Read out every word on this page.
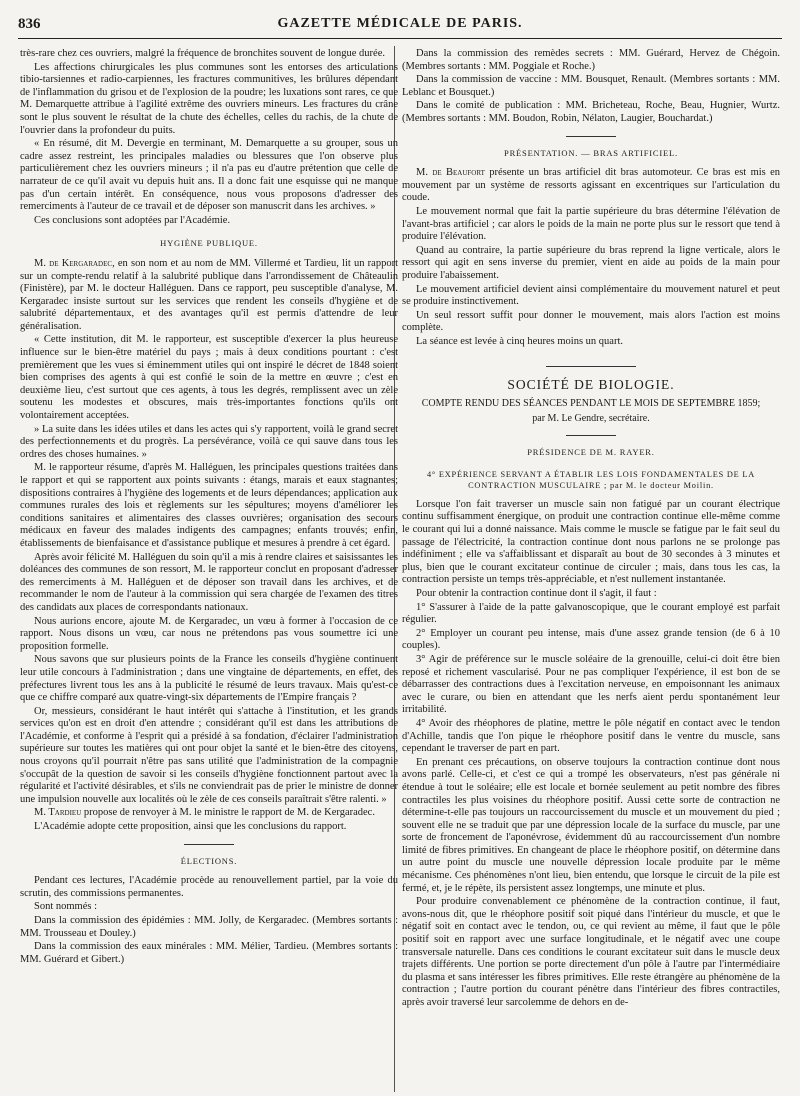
836	GAZETTE MÉDICALE DE PARIS.

très-rare chez ces ouvriers, malgré la fréquence de bronchites souvent de longue durée.

Les affections chirurgicales les plus communes sont les entorses des articulations tibio-tarsiennes et radio-carpiennes, les fractures communitives, les brûlures dépendant de l'inflammation du grisou et de l'explosion de la poudre; les luxations sont rares, ce que M. Demarquette attribue à l'agilité extrême des ouvriers mineurs. Les fractures du crâne sont le plus souvent le résultat de la chute des échelles, celles du rachis, de la chute de l'ouvrier dans la profondeur du puits.

« En résumé, dit M. Devergie en terminant, M. Demarquette a su grouper, sous un cadre assez restreint, les principales maladies ou blessures que l'on observe plus particulièrement chez les ouvriers mineurs ; il n'a pas eu d'autre prétention que celle de narrateur de ce qu'il avait vu depuis huit ans. Il a donc fait une esquisse qui ne manque pas d'un certain intérêt. En conséquence, nous vous proposons d'adresser des remerciments à l'auteur de ce travail et de déposer son manuscrit dans les archives. »

Ces conclusions sont adoptées par l'Académie.

HYGIÈNE PUBLIQUE.

M. de Kergaradec, en son nom et au nom de MM. Villermé et Tardieu, lit un rapport sur un compte-rendu relatif à la salubrité publique dans l'arrondissement de Châteaulin (Finistère), par M. le docteur Halléguen. Dans ce rapport, peu susceptible d'analyse, M. Kergaradec insiste surtout sur les services que rendent les conseils d'hygiène et de salubrité départementaux, et des avantages qu'il est permis d'attendre de leur généralisation.

« Cette institution, dit M. le rapporteur, est susceptible d'exercer la plus heureuse influence sur le bien-être matériel du pays ; mais à deux conditions pourtant : c'est premièrement que les vues si éminemment utiles qui ont inspiré le décret de 1848 soient bien comprises des agents à qui est confié le soin de la mettre en œuvre ; c'est en deuxième lieu, c'est surtout que ces agents, à tous les degrés, remplissent avec un zèle soutenu les modestes et obscures, mais très-importantes fonctions qu'ils ont volontairement acceptées.

» La suite dans les idées utiles et dans les actes qui s'y rapportent, voilà le grand secret des perfectionnements et du progrès. La persévérance, voilà ce qui sauve dans tous les ordres des choses humaines. »

M. le rapporteur résume, d'après M. Halléguen, les principales questions traitées dans le rapport et qui se rapportent aux points suivants : étangs, marais et eaux stagnantes; dispositions contraires à l'hygiène des logements et de leurs dépendances; application aux communes rurales des lois et règlements sur les sépultures; moyens d'améliorer les conditions sanitaires et alimentaires des classes ouvrières; organisation des secours médicaux en faveur des malades indigents des campagnes; enfants trouvés; enfin, établissements de bienfaisance et d'assistance publique et mesures à prendre à cet égard.

Après avoir félicité M. Halléguen du soin qu'il a mis à rendre claires et saisissantes les doléances des communes de son ressort, M. le rapporteur conclut en proposant d'adresser des remerciments à M. Halléguen et de déposer son travail dans les archives, et de recommander le nom de l'auteur à la commission qui sera chargée de l'examen des titres des candidats aux places de correspondants nationaux.

Nous aurions encore, ajoute M. de Kergaradec, un vœu à former à l'occasion de ce rapport. Nous disons un vœu, car nous ne prétendons pas vous soumettre ici une proposition formelle.

Nous savons que sur plusieurs points de la France les conseils d'hygiène continuent leur utile concours à l'administration ; dans une vingtaine de départements, en effet, des préfectures livrent tous les ans à la publicité le résumé de leurs travaux. Mais qu'est-ce que ce chiffre comparé aux quatre-vingt-six départements de l'Empire français ?

Or, messieurs, considérant le haut intérêt qui s'attache à l'institution, et les grands services qu'on est en droit d'en attendre ; considérant qu'il est dans les attributions de l'Académie, et conforme à l'esprit qui a présidé à sa fondation, d'éclairer l'administration supérieure sur toutes les matières qui ont pour objet la santé et le bien-être des citoyens, nous croyons qu'il pourrait n'être pas sans utilité que l'administration de la compagnie s'occupât de la question de savoir si les conseils d'hygiène fonctionnent partout avec la régularité et l'activité désirables, et s'ils ne conviendrait pas de prier le ministre de donner une impulsion nouvelle aux localités où le zèle de ces conseils paraîtrait s'être ralenti. »

M. Tardieu propose de renvoyer à M. le ministre le rapport de M. de Kergaradec.

L'Académie adopte cette proposition, ainsi que les conclusions du rapport.

ÉLECTIONS.

Pendant ces lectures, l'Académie procède au renouvellement partiel, par la voie du scrutin, des commissions permanentes.

Sont nommés :

Dans la commission des épidémies : MM. Jolly, de Kergaradec. (Membres sortants : MM. Trousseau et Douley.)

Dans la commission des eaux minérales : MM. Mélier, Tardieu. (Membres sortants : MM. Guérard et Gibert.)

Dans la commission des remèdes secrets : MM. Guérard, Hervez de Chégoin. (Membres sortants : MM. Poggiale et Roche.)

Dans la commission de vaccine : MM. Bousquet, Renault. (Membres sortants : MM. Leblanc et Bousquet.)

Dans le comité de publication : MM. Bricheteau, Roche, Beau, Hugnier, Wurtz. (Membres sortants : MM. Boudon, Robin, Nélaton, Laugier, Bouchardat.)

PRÉSENTATION. — BRAS ARTIFICIEL.

M. de Beaufort présente un bras artificiel dit bras automoteur. Ce bras est mis en mouvement par un système de ressorts agissant en excentriques sur l'articulation du coude.

Le mouvement normal que fait la partie supérieure du bras détermine l'élévation de l'avant-bras artificiel ; car alors le poids de la main ne porte plus sur le ressort que tend à produire l'élévation.

Quand au contraire, la partie supérieure du bras reprend la ligne verticale, alors le ressort qui agit en sens inverse du premier, vient en aide au poids de la main pour produire l'abaissement.

Le mouvement artificiel devient ainsi complémentaire du mouvement naturel et peut se produire instinctivement.

Un seul ressort suffit pour donner le mouvement, mais alors l'action est moins complète.

La séance est levée à cinq heures moins un quart.

SOCIÉTÉ DE BIOLOGIE.
COMPTE RENDU DES SÉANCES PENDANT LE MOIS DE SEPTEMBRE 1859;
par M. Le Gendre, secrétaire.
PRÉSIDENCE DE M. RAYER.
4° EXPÉRIENCE SERVANT A ÉTABLIR LES LOIS FONDAMENTALES DE LA CONTRACTION MUSCULAIRE ; par M. le docteur Moilin.

Lorsque l'on fait traverser un muscle sain non fatigué par un courant électrique continu suffisamment énergique, on produit une contraction continue elle-même comme le courant qui lui a donné naissance. Mais comme le muscle se fatigue par le fait seul du passage de l'électricité, la contraction continue dont nous parlons ne se prolonge pas indéfiniment ; elle va s'affaiblissant et disparaît au bout de 30 secondes à 3 minutes et plus, bien que le courant excitateur continue de circuler ; mais, dans tous les cas, la contraction persiste un temps très-appréciable, et n'est nullement instantanée.

Pour obtenir la contraction continue dont il s'agit, il faut :

1° S'assurer à l'aide de la patte galvanoscopique, que le courant employé est parfait régulier.

2° Employer un courant peu intense, mais d'une assez grande tension (de 6 à 10 couples).

3° Agir de préférence sur le muscle soléaire de la grenouille, celui-ci doit être bien reposé et richement vascularisé. Pour ne pas compliquer l'expérience, il est bon de se débarrasser des contractions dues à l'excitation nerveuse, en empoisonnant les animaux avec le curare, ou bien en attendant que les nerfs aient perdu spontanément leur irritabilité.

4° Avoir des rhéophores de platine, mettre le pôle négatif en contact avec le tendon d'Achille, tandis que l'on pique le rhéophore positif dans le ventre du muscle, sans cependant le traverser de part en part.

En prenant ces précautions, on observe toujours la contraction continue dont nous avons parlé. Celle-ci, et c'est ce qui a trompé les observateurs, n'est pas générale ni étendue à tout le soléaire; elle est locale et bornée seulement au petit nombre des fibres contractiles les plus voisines du rhéophore positif. Aussi cette sorte de contraction ne détermine-t-elle pas toujours un raccourcissement du muscle et un mouvement du pied ; souvent elle ne se traduit que par une dépression locale de la surface du muscle, par une sorte de froncement de l'aponévrose, évidemment dû au raccourcissement d'un nombre limité de fibres primitives. En changeant de place le rhéophore positif, on détermine dans un autre point du muscle une nouvelle dépression locale produite par le même mécanisme. Ces phénomènes n'ont lieu, bien entendu, que lorsque le circuit de la pile est fermé, et, je le répète, ils persistent assez longtemps, une minute et plus.

Pour produire convenablement ce phénomène de la contraction continue, il faut, avons-nous dit, que le rhéophore positif soit piqué dans l'intérieur du muscle, et que le négatif soit en contact avec le tendon, ou, ce qui revient au même, il faut que le pôle positif soit en rapport avec une surface longitudinale, et le négatif avec une coupe transversale naturelle. Dans ces conditions le courant excitateur suit dans le muscle deux trajets différents. Une portion se porte directement d'un pôle à l'autre par l'intermédiaire du plasma et sans intéresser les fibres primitives. Elle reste étrangère au phénomène de la contraction ; l'autre portion du courant pénètre dans l'intérieur des fibres contractiles, après avoir traversé leur sarcolemme de dehors en de-
